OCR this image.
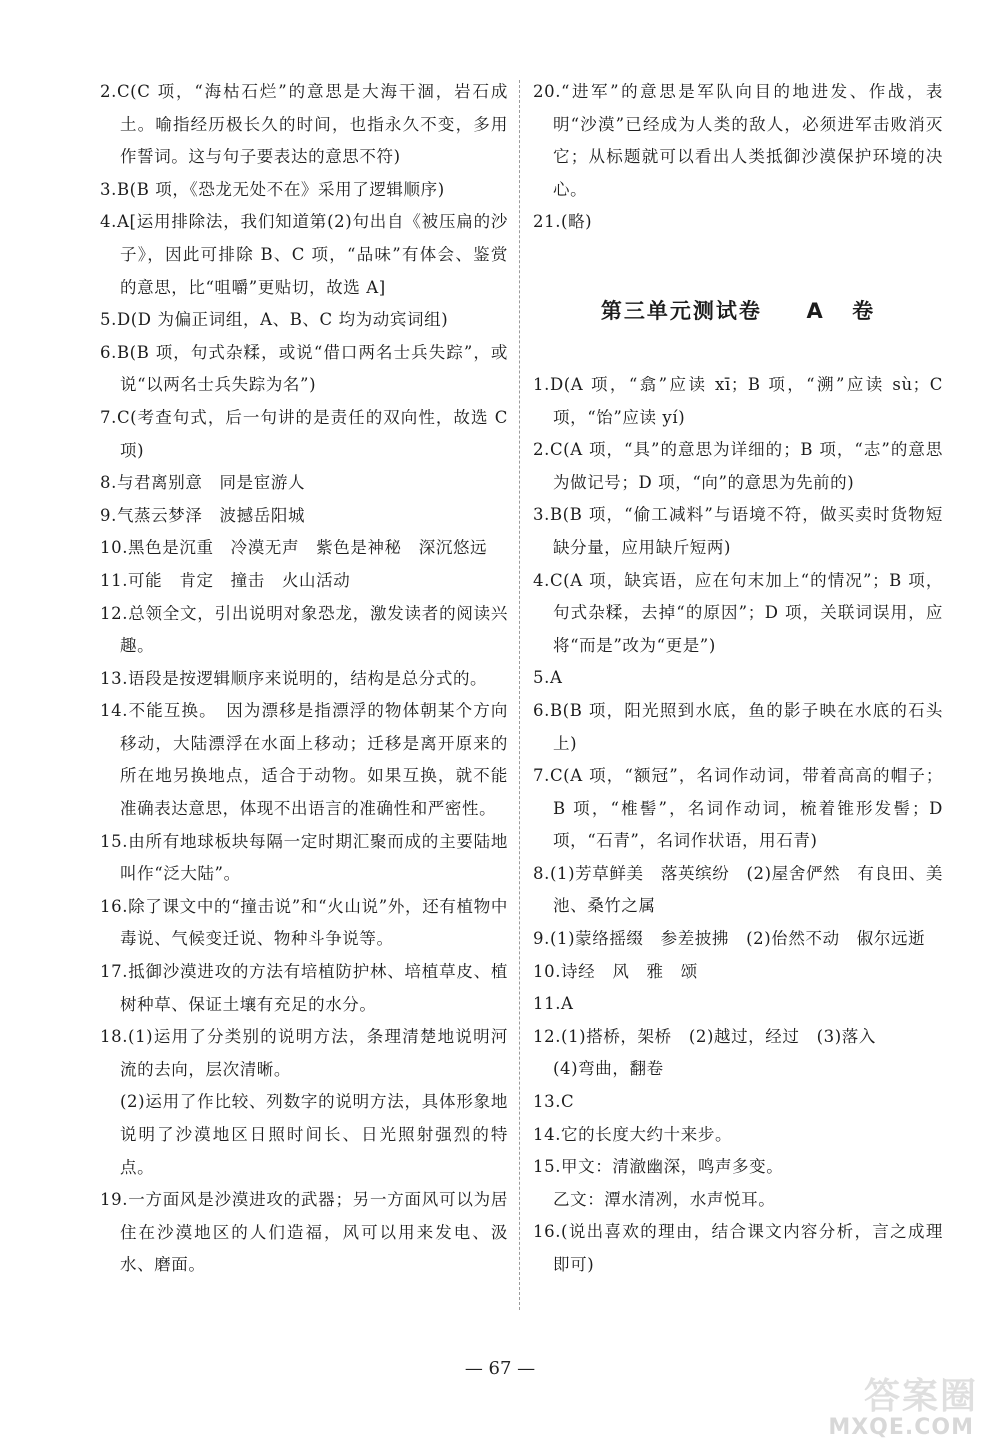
2.C(C 项，“海枯石烂”的意思是大海干涸，岩石成土。喻指经历极长久的时间，也指永久不变，多用作誓词。这与句子要表达的意思不符)

3.B(B 项，《恐龙无处不在》采用了逻辑顺序)

4.A[运用排除法，我们知道第(2)句出自《被压扁的沙子》，因此可排除 B、C 项，“品味”有体会、鉴赏的意思，比“咀嚼”更贴切，故选 A]

5.D(D 为偏正词组，A、B、C 均为动宾词组)

6.B(B 项，句式杂糅，或说“借口两名士兵失踪”，或说“以两名士兵失踪为名”)

7.C(考查句式，后一句讲的是责任的双向性，故选 C 项)

8.与君离别意　同是宦游人

9.气蒸云梦泽　波撼岳阳城

10.黑色是沉重　冷漠无声　紫色是神秘　深沉悠远

11.可能　肯定　撞击　火山活动

12.总领全文，引出说明对象恐龙，激发读者的阅读兴趣。

13.语段是按逻辑顺序来说明的，结构是总分式的。

14.不能互换。　因为漂移是指漂浮的物体朝某个方向移动，大陆漂浮在水面上移动；迁移是离开原来的所在地另换地点，适合于动物。如果互换，就不能准确表达意思，体现不出语言的准确性和严密性。

15.由所有地球板块每隔一定时期汇聚而成的主要陆地叫作“泛大陆”。

16.除了课文中的“撞击说”和“火山说”外，还有植物中毒说、气候变迁说、物种斗争说等。

17.抵御沙漠进攻的方法有培植防护林、培植草皮、植树种草、保证土壤有充足的水分。

18.(1)运用了分类别的说明方法，条理清楚地说明河流的去向，层次清晰。

(2)运用了作比较、列数字的说明方法，具体形象地说明了沙漠地区日照时间长、日光照射强烈的特点。

19.一方面风是沙漠进攻的武器；另一方面风可以为居住在沙漠地区的人们造福，风可以用来发电、汲水、磨面。

20.“进军”的意思是军队向目的地进发、作战，表明“沙漠”已经成为人类的敌人，必须进军击败消灭它；从标题就可以看出人类抵御沙漠保护环境的决心。

21.(略)

第三单元测试卷 A 卷

1.D(A 项，“翕”应读 xī；B 项，“溯”应读 sù；C 项，“饴”应读 yí)

2.C(A 项，“具”的意思为详细的；B 项，“志”的意思为做记号；D 项，“向”的意思为先前的)

3.B(B 项，“偷工减料”与语境不符，做买卖时货物短缺分量，应用缺斤短两)

4.C(A 项，缺宾语，应在句末加上“的情况”；B 项，句式杂糅，去掉“的原因”；D 项，关联词误用，应将“而是”改为“更是”)

5.A

6.B(B 项，阳光照到水底，鱼的影子映在水底的石头上)

7.C(A 项，“额冠”，名词作动词，带着高高的帽子；B 项，“椎髻”，名词作动词，梳着锥形发髻；D 项，“石青”，名词作状语，用石青)

8.(1)芳草鲜美　落英缤纷　(2)屋舍俨然　有良田、美池、桑竹之属

9.(1)蒙络摇缀　参差披拂　(2)佁然不动　俶尔远逝

10.诗经　风　雅　颂

11.A

12.(1)搭桥，架桥　(2)越过，经过　(3)落入

(4)弯曲，翻卷

13.C

14.它的长度大约十来步。

15.甲文：清澈幽深，鸣声多变。

乙文：潭水清冽，水声悦耳。

16.(说出喜欢的理由，结合课文内容分析，言之成理即可)

— 67 —
答案圈
MXQE.COM
